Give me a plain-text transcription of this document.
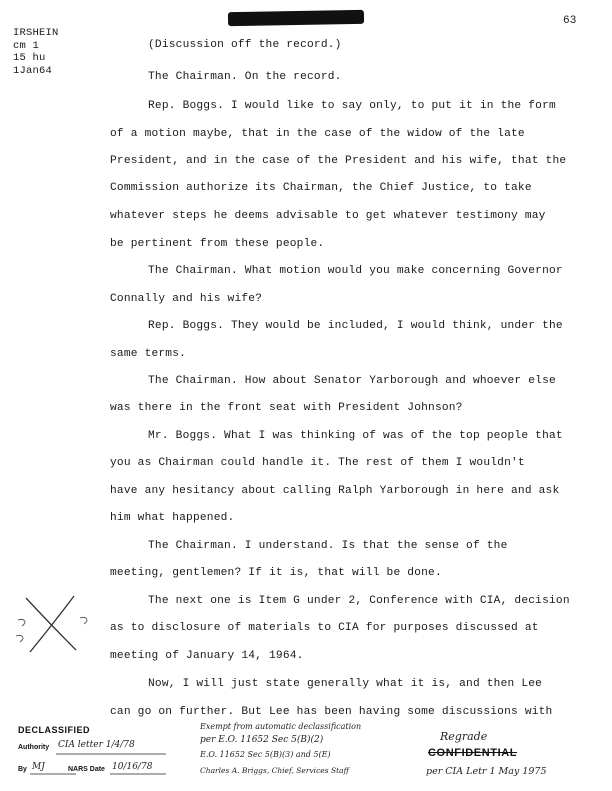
63
IRSHEIN
cm 1
15 hu
1Jan64
(Discussion off the record.)
The Chairman. On the record.
Rep. Boggs. I would like to say only, to put it in the form
of a motion maybe, that in the case of the widow of the late
President, and in the case of the President and his wife, that the
Commission authorize its Chairman, the Chief Justice, to take
whatever steps he deems advisable to get whatever testimony may
be pertinent from these people.
The Chairman. What motion would you make concerning Governor
Connally and his wife?
Rep. Boggs. They would be included, I would think, under the
same terms.
The Chairman. How about Senator Yarborough and whoever else
was there in the front seat with President Johnson?
Mr. Boggs. What I was thinking of was of the top people that
you as Chairman could handle it. The rest of them I wouldn't
have any hesitancy about calling Ralph Yarborough in here and ask
him what happened.
The Chairman. I understand. Is that the sense of the
meeting, gentlemen? If it is, that will be done.
The next one is Item G under 2, Conference with CIA, decision
as to disclosure of materials to CIA for purposes discussed at
meeting of January 14, 1964.
Now, I will just state generally what it is, and then Lee
can go on further. But Lee has been having some discussions with
DECLASSIFIED
Authority CIA letter 1/4/78
By MJ	NARS Date 10/16/78
Exempt from automatic declassification
per E.O. 11652 Sec 5(B)(2)
E.O. 11652 Sec 5(B)(3) and 5(E)
Charles A. Briggs, Chief, Services Staff
Regrade
CONFIDENTIAL
per CIA Letr 1 May 1975
